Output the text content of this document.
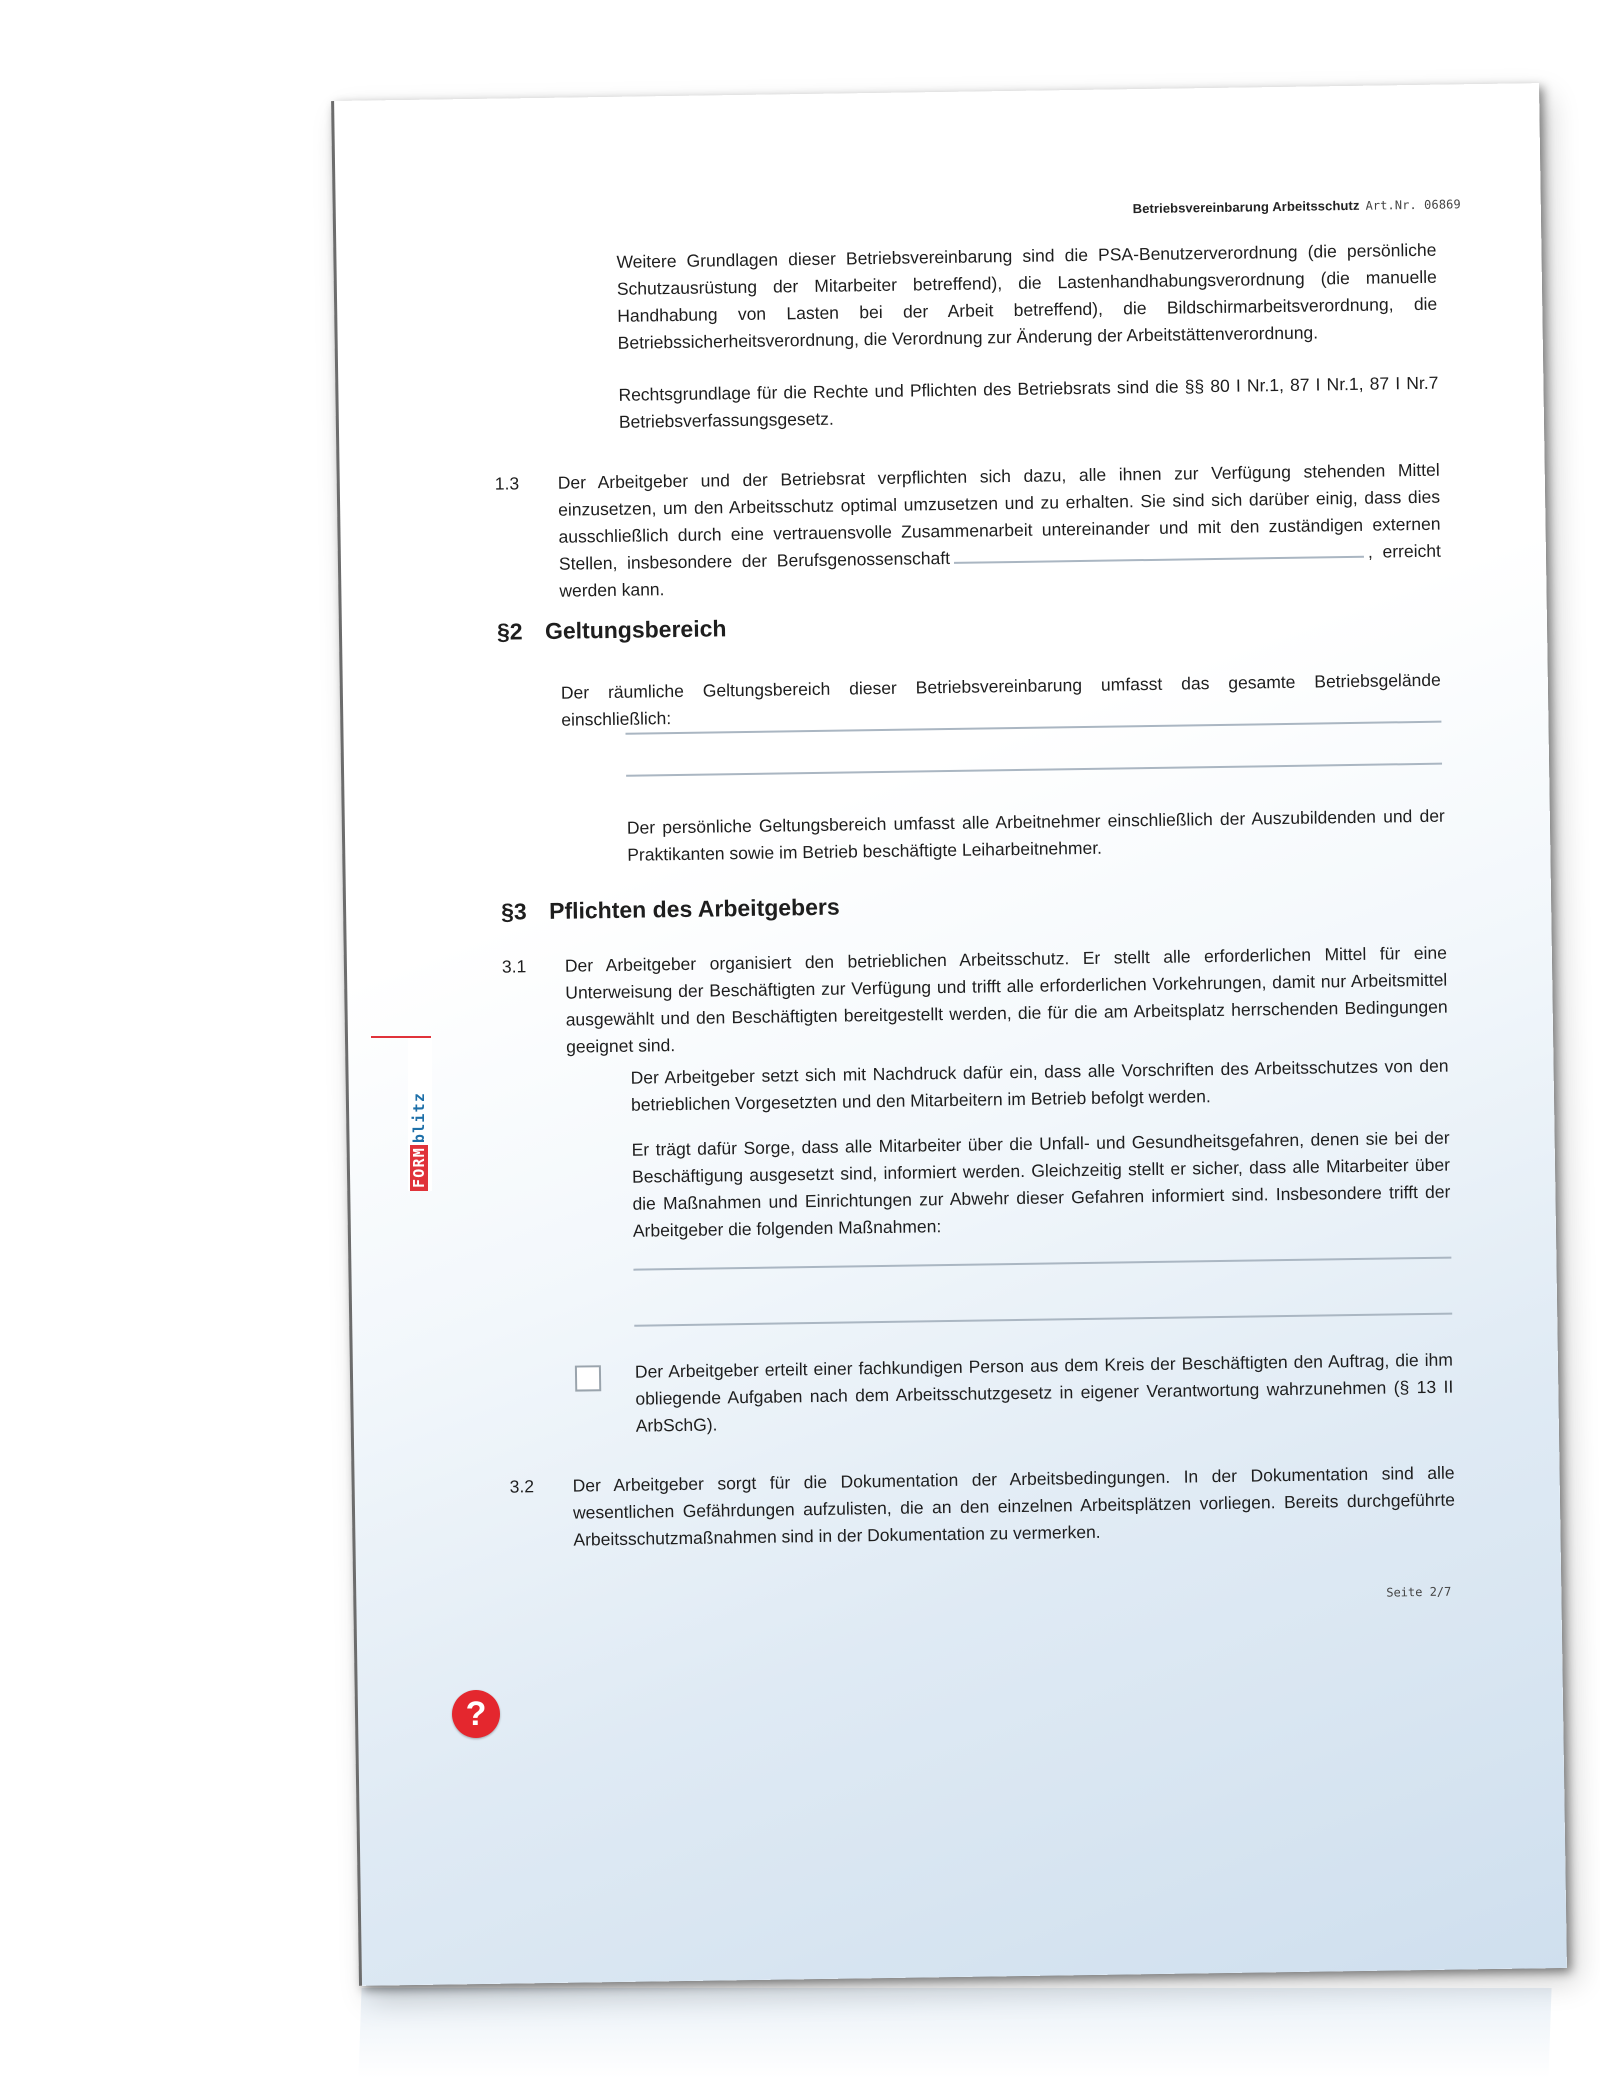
Betriebsvereinbarung Arbeitsschutz Art.Nr. 06869
Weitere Grundlagen dieser Betriebsvereinbarung sind die PSA-Benutzerverordnung (die persönliche Schutzausrüstung der Mitarbeiter betreffend), die Lastenhandhabungsverordnung (die manuelle Handhabung von Lasten bei der Arbeit betreffend), die Bildschirmarbeitsverordnung, die Betriebssicherheitsverordnung, die Verordnung zur Änderung der Arbeitstättenverordnung.
Rechtsgrundlage für die Rechte und Pflichten des Betriebsrats sind die §§ 80 I Nr.1, 87 I Nr.1, 87 I Nr.7 Betriebsverfassungsgesetz.
1.3 Der Arbeitgeber und der Betriebsrat verpflichten sich dazu, alle ihnen zur Verfügung stehenden Mittel einzusetzen, um den Arbeitsschutz optimal umzusetzen und zu erhalten. Sie sind sich darüber einig, dass dies ausschließlich durch eine vertrauensvolle Zusammenarbeit untereinander und mit den zuständigen externen Stellen, insbesondere der Berufsgenossenschaft	, erreicht werden kann.
§2 Geltungsbereich
Der räumliche Geltungsbereich dieser Betriebsvereinbarung umfasst das gesamte Betriebsgelände einschließlich:
Der persönliche Geltungsbereich umfasst alle Arbeitnehmer einschließlich der Auszubildenden und der Praktikanten sowie im Betrieb beschäftigte Leiharbeitnehmer.
§3 Pflichten des Arbeitgebers
3.1 Der Arbeitgeber organisiert den betrieblichen Arbeitsschutz. Er stellt alle erforderlichen Mittel für eine Unterweisung der Beschäftigten zur Verfügung und trifft alle erforderlichen Vorkehrungen, damit nur Arbeitsmittel ausgewählt und den Beschäftigten bereitgestellt werden, die für die am Arbeitsplatz herrschenden Bedingungen geeignet sind.
Der Arbeitgeber setzt sich mit Nachdruck dafür ein, dass alle Vorschriften des Arbeitsschutzes von den betrieblichen Vorgesetzten und den Mitarbeitern im Betrieb befolgt werden.
Er trägt dafür Sorge, dass alle Mitarbeiter über die Unfall- und Gesundheitsgefahren, denen sie bei der Beschäftigung ausgesetzt sind, informiert werden. Gleichzeitig stellt er sicher, dass alle Mitarbeiter über die Maßnahmen und Einrichtungen zur Abwehr dieser Gefahren informiert sind. Insbesondere trifft der Arbeitgeber die folgenden Maßnahmen:
Der Arbeitgeber erteilt einer fachkundigen Person aus dem Kreis der Beschäftigten den Auftrag, die ihm obliegende Aufgaben nach dem Arbeitsschutzgesetz in eigener Verantwortung wahrzunehmen (§ 13 II ArbSchG).
3.2 Der Arbeitgeber sorgt für die Dokumentation der Arbeitsbedingungen. In der Dokumentation sind alle wesentlichen Gefährdungen aufzulisten, die an den einzelnen Arbeitsplätzen vorliegen. Bereits durchgeführte Arbeitsschutzmaßnahmen sind in der Dokumentation zu vermerken.
Seite 2/7
FORMblitz
?
